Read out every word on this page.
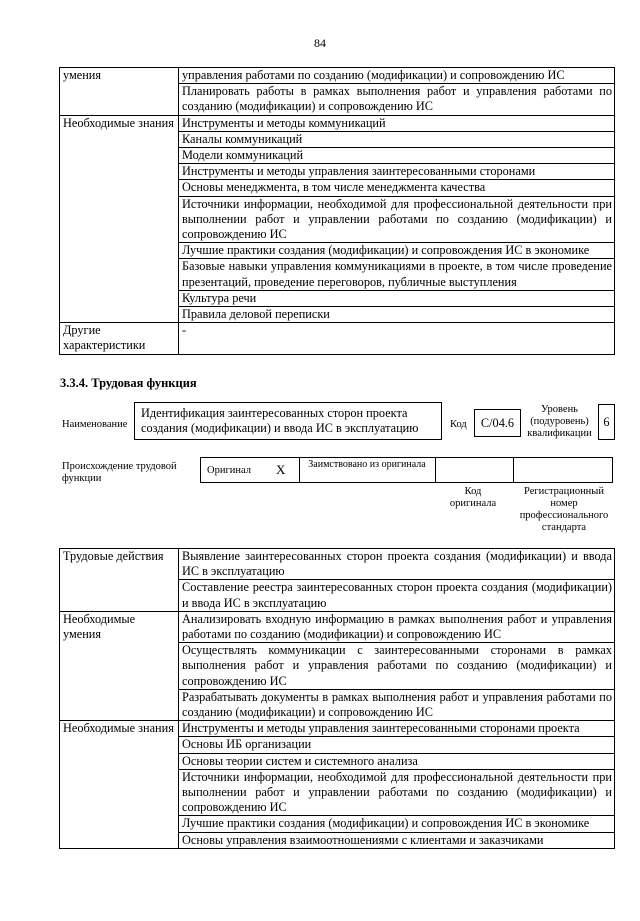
84
умения	управления работами по созданию (модификации) и сопровождению ИС
	Планировать работы в рамках выполнения работ и управления работами по созданию (модификации) и сопровождению ИС
Необходимые знания	Инструменты и методы коммуникаций
	Каналы коммуникаций
	Модели коммуникаций
	Инструменты и методы управления заинтересованными сторонами
	Основы менеджмента, в том числе менеджмента качества
	Источники информации, необходимой для профессиональной деятельности при выполнении работ и управлении работами по созданию (модификации) и сопровождению ИС
	Лучшие практики создания (модификации) и сопровождения ИС в экономике
	Базовые навыки управления коммуникациями в проекте, в том числе проведение презентаций, проведение переговоров, публичные выступления
	Культура речи
	Правила деловой переписки
Другие характеристики	-
3.3.4. Трудовая функция
Наименование
Идентификация заинтересованных сторон проекта создания (модификации) и ввода ИС в эксплуатацию	Код	С/04.6
Уровень (подуровень) квалификации
6
Происхождение трудовой функции
Оригинал X	Заимствовано из оригинала
Код оригинала
Регистрационный номер профессионального стандарта
Трудовые действия	Выявление заинтересованных сторон проекта создания (модификации) и ввода ИС в эксплуатацию
	Составление реестра заинтересованных сторон проекта создания (модификации) и ввода ИС в эксплуатацию
Необходимые умения	Анализировать входную информацию в рамках выполнения работ и управления работами по созданию (модификации) и сопровождению ИС
	Осуществлять коммуникации с заинтересованными сторонами в рамках выполнения работ и управления работами по созданию (модификации) и сопровождению ИС
	Разрабатывать документы в рамках выполнения работ и управления работами по созданию (модификации) и сопровождению ИС
Необходимые знания	Инструменты и методы управления заинтересованными сторонами проекта
	Основы ИБ организации
	Основы теории систем и системного анализа
	Источники информации, необходимой для профессиональной деятельности при выполнении работ и управлении работами по созданию (модификации) и сопровождению ИС
	Лучшие практики создания (модификации) и сопровождения ИС в экономике
	Основы управления взаимоотношениями с клиентами и заказчиками
